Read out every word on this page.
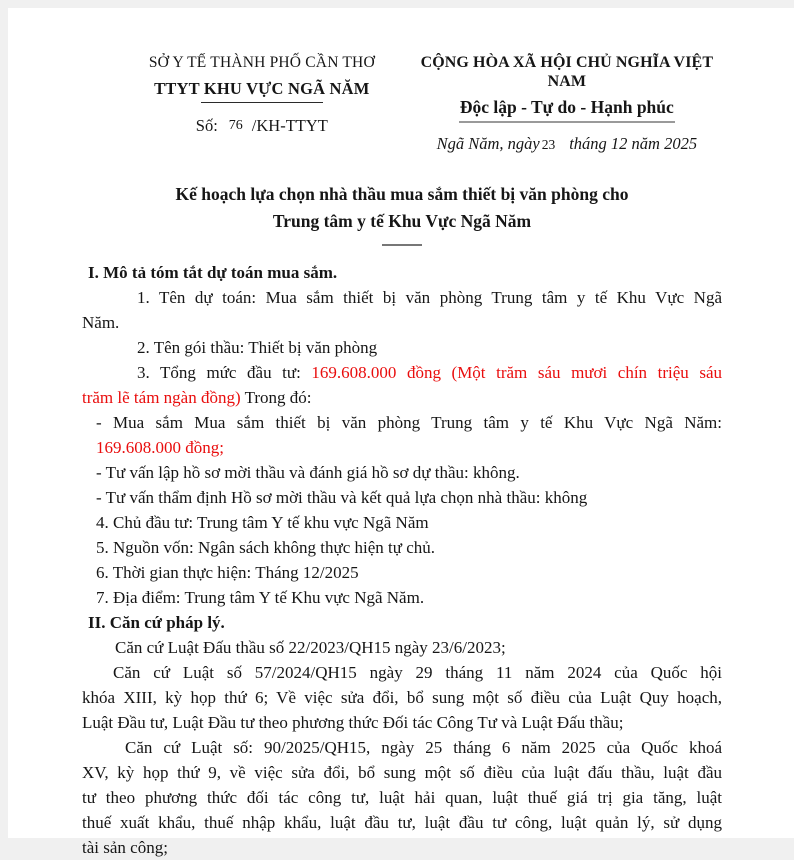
SỞ Y TẾ THÀNH PHỐ CẦN THƠ
TTYT KHU VỰC NGÃ NĂM
Số: 76 /KH-TTYT
CỘNG HÒA XÃ HỘI CHỦ NGHĨA VIỆT NAM
Độc lập - Tự do - Hạnh phúc
Ngã Năm, ngày 23 tháng 12 năm 2025
Kế hoạch lựa chọn nhà thầu mua sắm thiết bị văn phòng cho
Trung tâm y tế Khu Vực Ngã Năm
I. Mô tả tóm tắt dự toán mua sắm.
1. Tên dự toán: Mua sắm thiết bị văn phòng Trung tâm y tế Khu Vực Ngã
Năm.
2. Tên gói thầu: Thiết bị văn phòng
3. Tổng mức đầu tư: 169.608.000 đồng (Một trăm sáu mươi chín triệu sáu
trăm lẽ tám ngàn đồng) Trong đó:
- Mua sắm Mua sắm thiết bị văn phòng Trung tâm y tế Khu Vực Ngã Năm:
169.608.000 đồng;
- Tư vấn lập hồ sơ mời thầu và đánh giá hồ sơ dự thầu: không.
- Tư vấn thẩm định Hồ sơ mời thầu và kết quả lựa chọn nhà thầu: không
4. Chủ đầu tư: Trung tâm Y tế khu vực Ngã Năm
5. Nguồn vốn: Ngân sách không thực hiện tự chủ.
6. Thời gian thực hiện: Tháng 12/2025
7. Địa điểm: Trung tâm Y tế Khu vực Ngã Năm.
II. Căn cứ pháp lý.
Căn cứ Luật Đấu thầu số 22/2023/QH15 ngày 23/6/2023;
Căn cứ Luật số 57/2024/QH15 ngày 29 tháng 11 năm 2024 của Quốc hội
khóa XIII, kỳ họp thứ 6; Về việc sửa đổi, bổ sung một số điều của Luật Quy hoạch,
Luật Đầu tư, Luật Đầu tư theo phương thức Đối tác Công Tư và Luật Đấu thầu;
Căn cứ Luật số: 90/2025/QH15, ngày 25 tháng 6 năm 2025 của Quốc khoá
XV, kỳ họp thứ 9, về việc sửa đổi, bổ sung một số điều của luật đấu thầu, luật đầu
tư theo phương thức đối tác công tư, luật hải quan, luật thuế giá trị gia tăng, luật
thuế xuất khẩu, thuế nhập khẩu, luật đầu tư, luật đầu tư công, luật quản lý, sử dụng
tài sản công;
